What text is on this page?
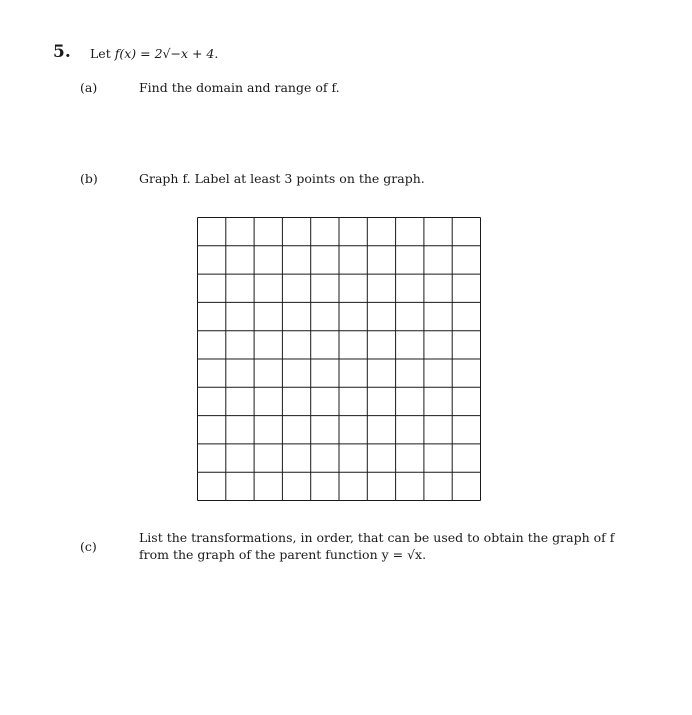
5. Let f(x) = 2√−x + 4.
(a)	Find the domain and range of f.
(b)	Graph f. Label at least 3 points on the graph.
(c)
List the transformations, in order, that can be used to obtain the graph of f
from the graph of the parent function y = √x.
